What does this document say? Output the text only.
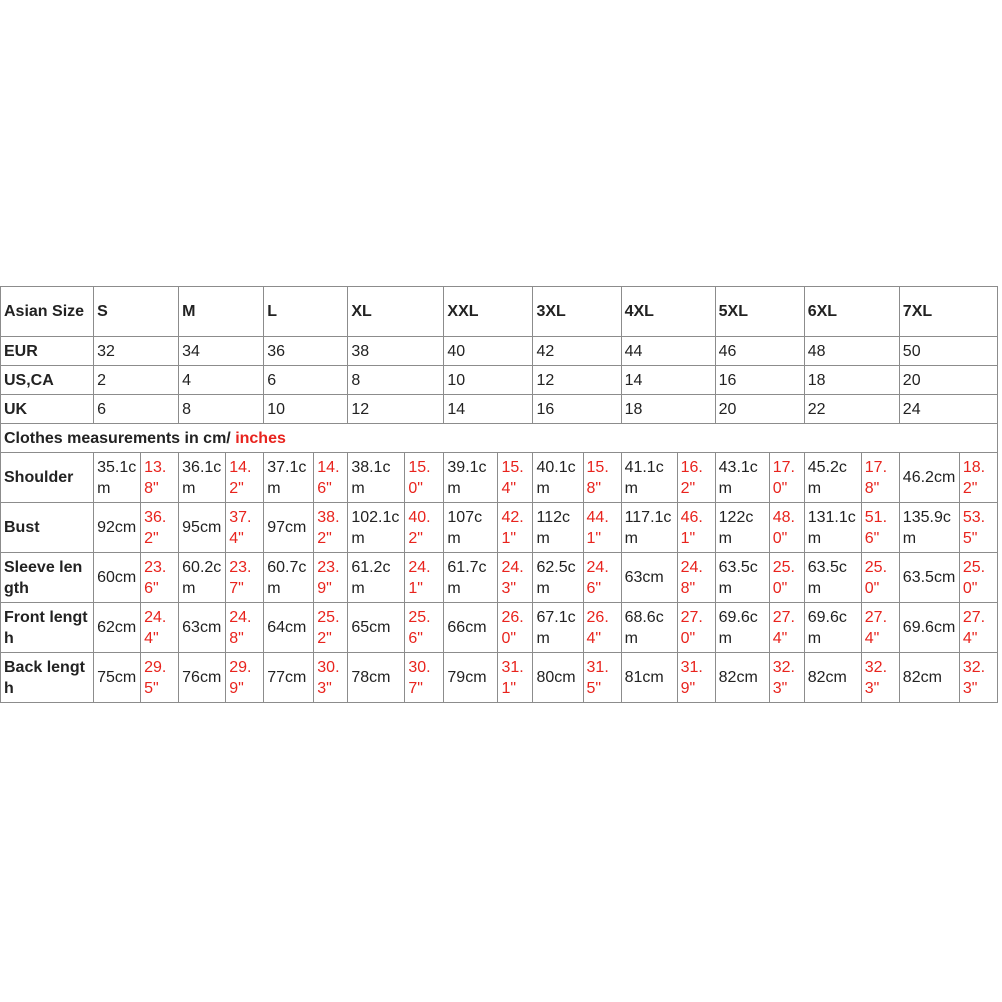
Asian Size	S		M		L		XL		XXL		3XL		4XL		5XL		6XL		7XL	
EUR	32		34		36		38		40		42		44		46		48		50	
US,CA	2		4		6		8		10		12		14		16		18		20	
UK	6		8		10		12		14		16		18		20		22		24	
Clothes measurements in cm/ inches																				
Shoulder	35.1cm	13.8"	36.1cm	14.2"	37.1cm	14.6"	38.1cm	15.0"	39.1cm	15.4"	40.1cm	15.8"	41.1cm	16.2"	43.1cm	17.0"	45.2cm	17.8"	46.2cm	18.2"
Bust	92cm	36.2"	95cm	37.4"	97cm	38.2"	102.1cm	40.2"	107cm	42.1"	112cm	44.1"	117.1cm	46.1"	122cm	48.0"	131.1cm	51.6"	135.9cm	53.5"
Sleeve length	60cm	23.6"	60.2cm	23.7"	60.7cm	23.9"	61.2cm	24.1"	61.7cm	24.3"	62.5cm	24.6"	63cm	24.8"	63.5cm	25.0"	63.5cm	25.0"	63.5cm	25.0"
Front length	62cm	24.4"	63cm	24.8"	64cm	25.2"	65cm	25.6"	66cm	26.0"	67.1cm	26.4"	68.6cm	27.0"	69.6cm	27.4"	69.6cm	27.4"	69.6cm	27.4"
Back length	75cm	29.5"	76cm	29.9"	77cm	30.3"	78cm	30.7"	79cm	31.1"	80cm	31.5"	81cm	31.9"	82cm	32.3"	82cm	32.3"	82cm	32.3"
